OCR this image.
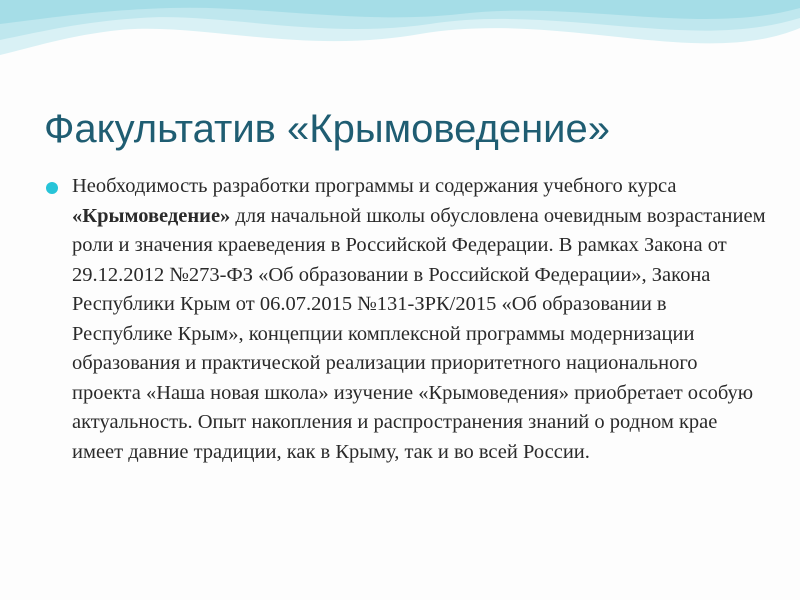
Факультатив «Крымоведение»
Необходимость разработки программы и содержания учебного курса «Крымоведение» для начальной школы обусловлена очевидным возрастанием роли и значения краеведения в Российской Федерации. В рамках Закона от 29.12.2012 №273-ФЗ «Об образовании в Российской Федерации», Закона Республики Крым от 06.07.2015 №131-ЗРК/2015 «Об образовании в Республике Крым», концепции комплексной программы модернизации образования и практической реализации приоритетного национального проекта «Наша новая школа» изучение «Крымоведения» приобретает особую актуальность. Опыт накопления и распространения знаний о родном крае имеет давние традиции, как в Крыму, так и во всей России.
